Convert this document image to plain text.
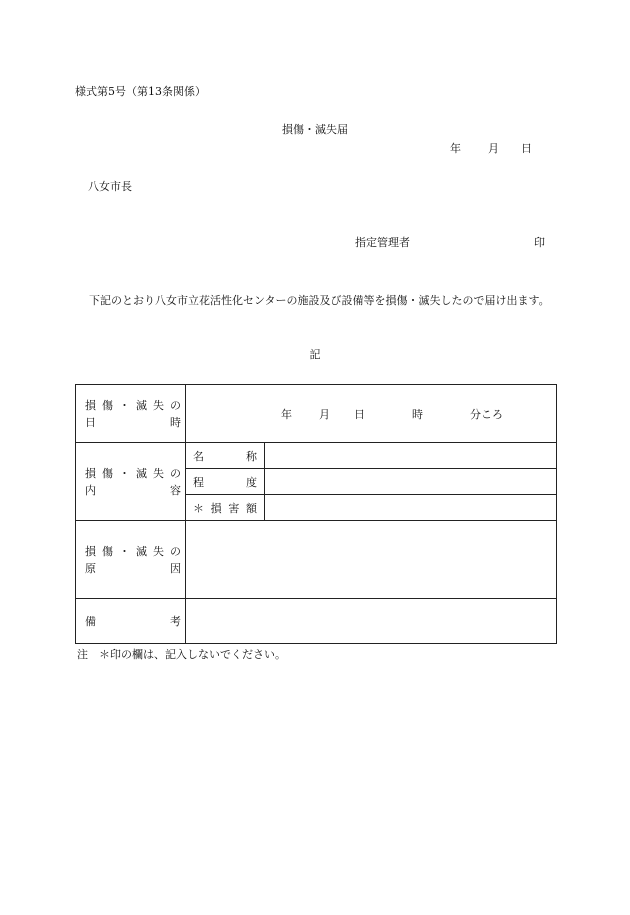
様式第5号（第13条関係）
損傷・滅失届
年 月 日
八女市長
指定管理者	印
下記のとおり八女市立花活性化センターの施設及び設備等を損傷・滅失したので届け出ます。
記
損傷・滅失の
日 時	年 月 日 時 分ころ	

損傷・滅失の
内 容	名 称	

	程 度	

	＊ 損 害 額	

損傷・滅失の
原 因		

備 考		

注　＊印の欄は、記入しないでください。
